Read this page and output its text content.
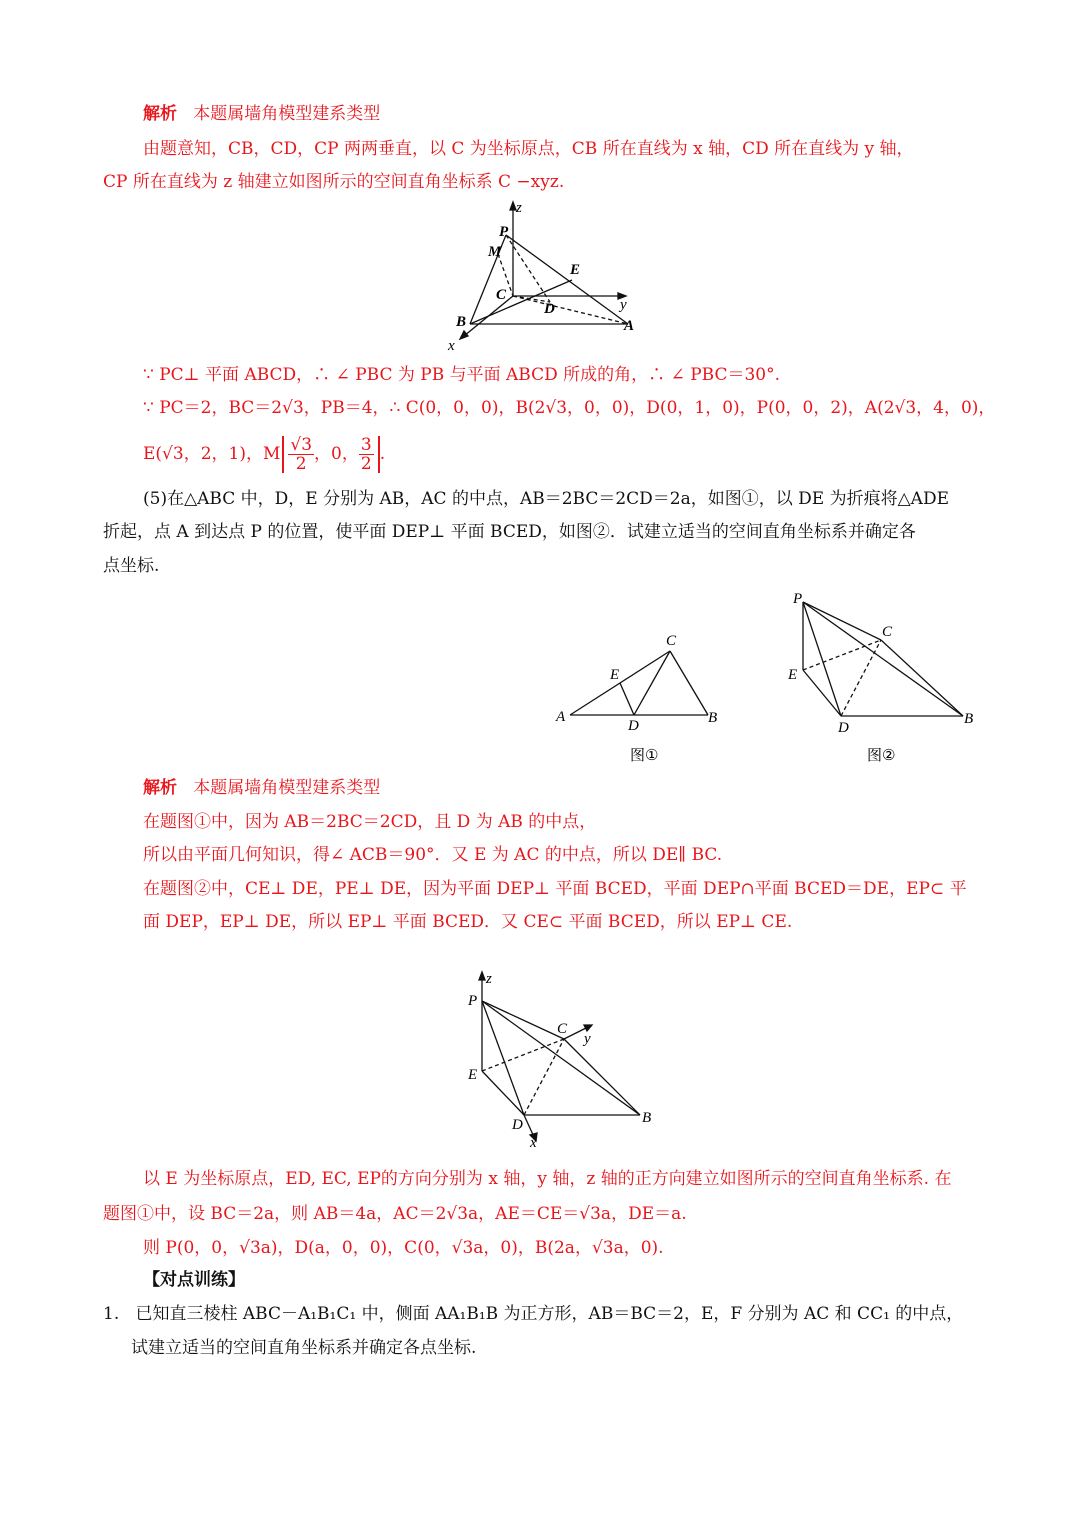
解析 本题属墙角模型建系类型
由题意知，CB，CD，CP 两两垂直，以 C 为坐标原点，CB 所在直线为 x 轴，CD 所在直线为 y 轴，
CP 所在直线为 z 轴建立如图所示的空间直角坐标系 C −xyz.
z
y
x
P
M
E
C
D
B	A
∵ PC⊥ 平面 ABCD，∴ ∠ PBC 为 PB 与平面 ABCD 所成的角，∴ ∠ PBC＝30°.
∵ PC＝2，BC＝2√3，PB＝4，∴ C(0，0，0)，B(2√3，0，0)，D(0，1，0)，P(0，0，2)，A(2√3，4，0)，
E(√3，2，1)，M $\frac{√3}{2}$ ，0， $\frac{3}{2}$ .
(5)在△ABC 中，D，E 分别为 AB，AC 的中点，AB＝2BC＝2CD＝2a，如图①，以 DE 为折痕将△ADE
折起，点 A 到达点 P 的位置，使平面 DEP⊥ 平面 BCED，如图②．试建立适当的空间直角坐标系并确定各
点坐标.
A	B
C
D
E
图①
P
B
C
D
E
图②
解析 本题属墙角模型建系类型
在题图①中，因为 AB＝2BC＝2CD，且 D 为 AB 的中点，
所以由平面几何知识，得∠ ACB＝90°．又 E 为 AC 的中点，所以 DE∥ BC.
在题图②中，CE⊥ DE，PE⊥ DE，因为平面 DEP⊥ 平面 BCED，平面 DEP∩平面 BCED＝DE，EP⊂ 平
面 DEP，EP⊥ DE，所以 EP⊥ 平面 BCED．又 CE⊂ 平面 BCED，所以 EP⊥ CE.
z
y
x
P
C
E
D	B
以 E 为坐标原点，ED, EC, EP的方向分别为 x 轴，y 轴，z 轴的正方向建立如图所示的空间直角坐标系. 在
题图①中，设 BC＝2a，则 AB＝4a，AC＝2√3a，AE＝CE＝√3a，DE＝a.
则 P(0，0，√3a)，D(a，0，0)，C(0，√3a，0)，B(2a，√3a，0).
【对点训练】
1. 已知直三棱柱 ABC－A₁B₁C₁ 中，侧面 AA₁B₁B 为正方形，AB＝BC＝2，E，F 分别为 AC 和 CC₁ 的中点，
试建立适当的空间直角坐标系并确定各点坐标.
